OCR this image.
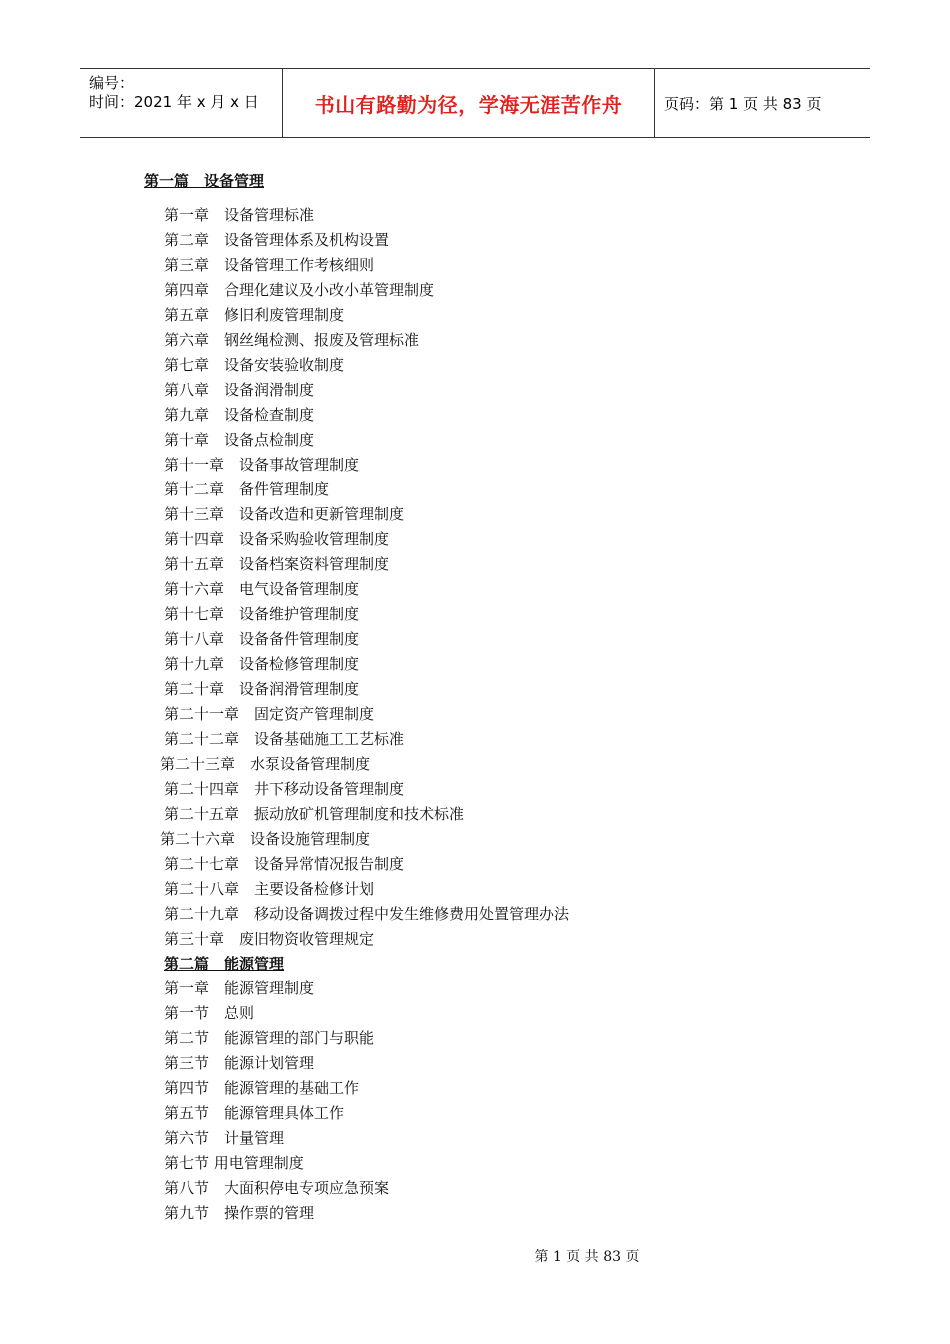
编号：
时间：2021 年 x 月 x 日	书山有路勤为径，学海无涯苦作舟	页码：第 1 页 共 83 页
第一篇　设备管理
第一章　设备管理标准
第二章　设备管理体系及机构设置
第三章　设备管理工作考核细则
第四章　合理化建议及小改小革管理制度
第五章　修旧利废管理制度
第六章　钢丝绳检测、报废及管理标准
第七章　设备安装验收制度
第八章　设备润滑制度
第九章　设备检查制度
第十章　设备点检制度
第十一章　设备事故管理制度
第十二章　备件管理制度
第十三章　设备改造和更新管理制度
第十四章　设备采购验收管理制度
第十五章　设备档案资料管理制度
第十六章　电气设备管理制度
第十七章　设备维护管理制度
第十八章　设备备件管理制度
第十九章　设备检修管理制度
第二十章　设备润滑管理制度
第二十一章　固定资产管理制度
第二十二章　设备基础施工工艺标准
第二十三章　水泵设备管理制度
第二十四章　井下移动设备管理制度
第二十五章　振动放矿机管理制度和技术标准
第二十六章　设备设施管理制度
第二十七章　设备异常情况报告制度
第二十八章　主要设备检修计划
第二十九章　移动设备调拨过程中发生维修费用处置管理办法
第三十章　废旧物资收管理规定
第二篇　能源管理
第一章　能源管理制度
第一节　总则
第二节　能源管理的部门与职能
第三节　能源计划管理
第四节　能源管理的基础工作
第五节　能源管理具体工作
第六节　计量管理
第七节 用电管理制度
第八节　大面积停电专项应急预案
第九节　操作票的管理
第 1 页 共 83 页
